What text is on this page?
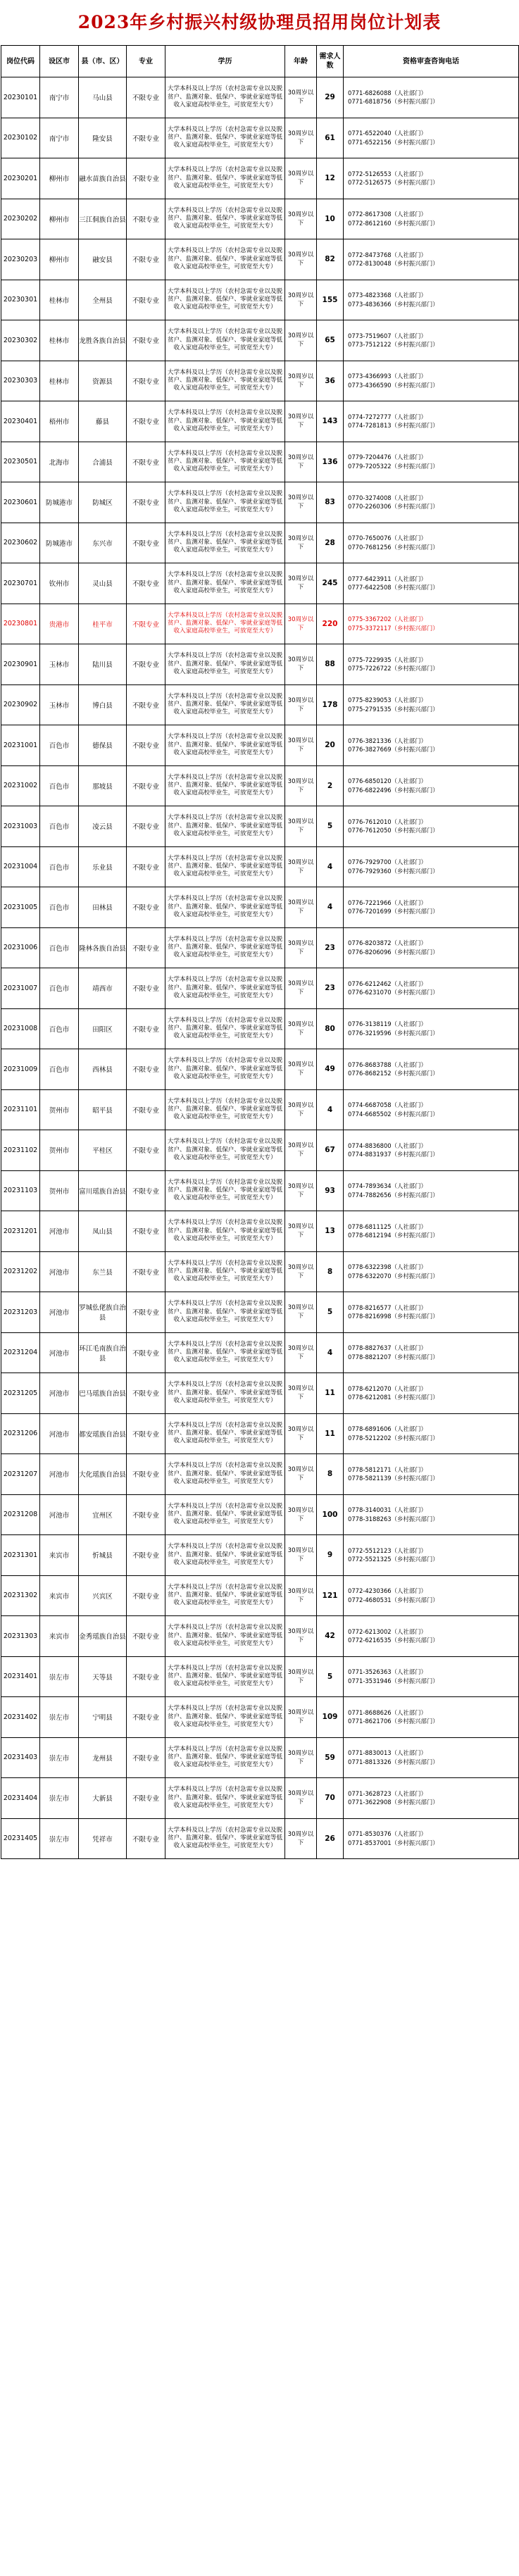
2023年乡村振兴村级协理员招用岗位计划表
岗位代码	设区市	县（市、区）	专业	学历	年龄	需求人数	资格审查咨询电话
20230101	南宁市	马山县	不限专业	大学本科及以上学历（农村急需专业以及脱贫户、监测对象、低保户、零就业家庭等低收入家庭高校毕业生，可放宽至大专）	30周岁以下	29	0771-6826088（人社部门）
0771-6818756（乡村振兴部门）

20230102	南宁市	隆安县	不限专业	大学本科及以上学历（农村急需专业以及脱贫户、监测对象、低保户、零就业家庭等低收入家庭高校毕业生，可放宽至大专）	30周岁以下	61	0771-6522040（人社部门）
0771-6522156（乡村振兴部门）

20230201	柳州市	融水苗族自治县	不限专业	大学本科及以上学历（农村急需专业以及脱贫户、监测对象、低保户、零就业家庭等低收入家庭高校毕业生，可放宽至大专）	30周岁以下	12	0772-5126553（人社部门）
0772-5126575（乡村振兴部门）

20230202	柳州市	三江侗族自治县	不限专业	大学本科及以上学历（农村急需专业以及脱贫户、监测对象、低保户、零就业家庭等低收入家庭高校毕业生，可放宽至大专）	30周岁以下	10	0772-8617308（人社部门）
0772-8612160（乡村振兴部门）

20230203	柳州市	融安县	不限专业	大学本科及以上学历（农村急需专业以及脱贫户、监测对象、低保户、零就业家庭等低收入家庭高校毕业生，可放宽至大专）	30周岁以下	82	0772-8473768（人社部门）
0772-8130048（乡村振兴部门）

20230301	桂林市	全州县	不限专业	大学本科及以上学历（农村急需专业以及脱贫户、监测对象、低保户、零就业家庭等低收入家庭高校毕业生，可放宽至大专）	30周岁以下	155	0773-4823368（人社部门）
0773-4836366（乡村振兴部门）

20230302	桂林市	龙胜各族自治县	不限专业	大学本科及以上学历（农村急需专业以及脱贫户、监测对象、低保户、零就业家庭等低收入家庭高校毕业生，可放宽至大专）	30周岁以下	65	0773-7519607（人社部门）
0773-7512122（乡村振兴部门）

20230303	桂林市	资源县	不限专业	大学本科及以上学历（农村急需专业以及脱贫户、监测对象、低保户、零就业家庭等低收入家庭高校毕业生，可放宽至大专）	30周岁以下	36	0773-4366993（人社部门）
0773-4366590（乡村振兴部门）

20230401	梧州市	藤县	不限专业	大学本科及以上学历（农村急需专业以及脱贫户、监测对象、低保户、零就业家庭等低收入家庭高校毕业生，可放宽至大专）	30周岁以下	143	0774-7272777（人社部门）
0774-7281813（乡村振兴部门）

20230501	北海市	合浦县	不限专业	大学本科及以上学历（农村急需专业以及脱贫户、监测对象、低保户、零就业家庭等低收入家庭高校毕业生，可放宽至大专）	30周岁以下	136	0779-7204476（人社部门）
0779-7205322（乡村振兴部门）

20230601	防城港市	防城区	不限专业	大学本科及以上学历（农村急需专业以及脱贫户、监测对象、低保户、零就业家庭等低收入家庭高校毕业生，可放宽至大专）	30周岁以下	83	0770-3274008（人社部门）
0770-2260306（乡村振兴部门）

20230602	防城港市	东兴市	不限专业	大学本科及以上学历（农村急需专业以及脱贫户、监测对象、低保户、零就业家庭等低收入家庭高校毕业生，可放宽至大专）	30周岁以下	28	0770-7650076（人社部门）
0770-7681256（乡村振兴部门）

20230701	钦州市	灵山县	不限专业	大学本科及以上学历（农村急需专业以及脱贫户、监测对象、低保户、零就业家庭等低收入家庭高校毕业生，可放宽至大专）	30周岁以下	245	0777-6423911（人社部门）
0777-6422508（乡村振兴部门）

20230801	贵港市	桂平市	不限专业	大学本科及以上学历（农村急需专业以及脱贫户、监测对象、低保户、零就业家庭等低收入家庭高校毕业生，可放宽至大专）	30周岁以下	220	0775-3367202（人社部门）
0775-3372117（乡村振兴部门）

20230901	玉林市	陆川县	不限专业	大学本科及以上学历（农村急需专业以及脱贫户、监测对象、低保户、零就业家庭等低收入家庭高校毕业生，可放宽至大专）	30周岁以下	88	0775-7229935（人社部门）
0775-7226722（乡村振兴部门）

20230902	玉林市	博白县	不限专业	大学本科及以上学历（农村急需专业以及脱贫户、监测对象、低保户、零就业家庭等低收入家庭高校毕业生，可放宽至大专）	30周岁以下	178	0775-8239053（人社部门）
0775-2791535（乡村振兴部门）

20231001	百色市	德保县	不限专业	大学本科及以上学历（农村急需专业以及脱贫户、监测对象、低保户、零就业家庭等低收入家庭高校毕业生，可放宽至大专）	30周岁以下	20	0776-3821336（人社部门）
0776-3827669（乡村振兴部门）

20231002	百色市	那坡县	不限专业	大学本科及以上学历（农村急需专业以及脱贫户、监测对象、低保户、零就业家庭等低收入家庭高校毕业生，可放宽至大专）	30周岁以下	2	0776-6850120（人社部门）
0776-6822496（乡村振兴部门）

20231003	百色市	凌云县	不限专业	大学本科及以上学历（农村急需专业以及脱贫户、监测对象、低保户、零就业家庭等低收入家庭高校毕业生，可放宽至大专）	30周岁以下	5	0776-7612010（人社部门）
0776-7612050（乡村振兴部门）

20231004	百色市	乐业县	不限专业	大学本科及以上学历（农村急需专业以及脱贫户、监测对象、低保户、零就业家庭等低收入家庭高校毕业生，可放宽至大专）	30周岁以下	4	0776-7929700（人社部门）
0776-7929360（乡村振兴部门）

20231005	百色市	田林县	不限专业	大学本科及以上学历（农村急需专业以及脱贫户、监测对象、低保户、零就业家庭等低收入家庭高校毕业生，可放宽至大专）	30周岁以下	4	0776-7221966（人社部门）
0776-7201699（乡村振兴部门）

20231006	百色市	隆林各族自治县	不限专业	大学本科及以上学历（农村急需专业以及脱贫户、监测对象、低保户、零就业家庭等低收入家庭高校毕业生，可放宽至大专）	30周岁以下	23	0776-8203872（人社部门）
0776-8206096（乡村振兴部门）

20231007	百色市	靖西市	不限专业	大学本科及以上学历（农村急需专业以及脱贫户、监测对象、低保户、零就业家庭等低收入家庭高校毕业生，可放宽至大专）	30周岁以下	23	0776-6212462（人社部门）
0776-6231070（乡村振兴部门）

20231008	百色市	田阳区	不限专业	大学本科及以上学历（农村急需专业以及脱贫户、监测对象、低保户、零就业家庭等低收入家庭高校毕业生，可放宽至大专）	30周岁以下	80	0776-3138119（人社部门）
0776-3219596（乡村振兴部门）

20231009	百色市	西林县	不限专业	大学本科及以上学历（农村急需专业以及脱贫户、监测对象、低保户、零就业家庭等低收入家庭高校毕业生，可放宽至大专）	30周岁以下	49	0776-8683788（人社部门）
0776-8682152（乡村振兴部门）

20231101	贺州市	昭平县	不限专业	大学本科及以上学历（农村急需专业以及脱贫户、监测对象、低保户、零就业家庭等低收入家庭高校毕业生，可放宽至大专）	30周岁以下	4	0774-6687058（人社部门）
0774-6685502（乡村振兴部门）

20231102	贺州市	平桂区	不限专业	大学本科及以上学历（农村急需专业以及脱贫户、监测对象、低保户、零就业家庭等低收入家庭高校毕业生，可放宽至大专）	30周岁以下	67	0774-8836800（人社部门）
0774-8831937（乡村振兴部门）

20231103	贺州市	富川瑶族自治县	不限专业	大学本科及以上学历（农村急需专业以及脱贫户、监测对象、低保户、零就业家庭等低收入家庭高校毕业生，可放宽至大专）	30周岁以下	93	0774-7893634（人社部门）
0774-7882656（乡村振兴部门）

20231201	河池市	凤山县	不限专业	大学本科及以上学历（农村急需专业以及脱贫户、监测对象、低保户、零就业家庭等低收入家庭高校毕业生，可放宽至大专）	30周岁以下	13	0778-6811125（人社部门）
0778-6812194（乡村振兴部门）

20231202	河池市	东兰县	不限专业	大学本科及以上学历（农村急需专业以及脱贫户、监测对象、低保户、零就业家庭等低收入家庭高校毕业生，可放宽至大专）	30周岁以下	8	0778-6322398（人社部门）
0778-6322070（乡村振兴部门）

20231203	河池市	罗城仫佬族自治县	不限专业	大学本科及以上学历（农村急需专业以及脱贫户、监测对象、低保户、零就业家庭等低收入家庭高校毕业生，可放宽至大专）	30周岁以下	5	0778-8216577（人社部门）
0778-8216998（乡村振兴部门）

20231204	河池市	环江毛南族自治县	不限专业	大学本科及以上学历（农村急需专业以及脱贫户、监测对象、低保户、零就业家庭等低收入家庭高校毕业生，可放宽至大专）	30周岁以下	4	0778-8827637（人社部门）
0778-8821207（乡村振兴部门）

20231205	河池市	巴马瑶族自治县	不限专业	大学本科及以上学历（农村急需专业以及脱贫户、监测对象、低保户、零就业家庭等低收入家庭高校毕业生，可放宽至大专）	30周岁以下	11	0778-6212070（人社部门）
0778-6212081（乡村振兴部门）

20231206	河池市	都安瑶族自治县	不限专业	大学本科及以上学历（农村急需专业以及脱贫户、监测对象、低保户、零就业家庭等低收入家庭高校毕业生，可放宽至大专）	30周岁以下	11	0778-6891606（人社部门）
0778-5212202（乡村振兴部门）

20231207	河池市	大化瑶族自治县	不限专业	大学本科及以上学历（农村急需专业以及脱贫户、监测对象、低保户、零就业家庭等低收入家庭高校毕业生，可放宽至大专）	30周岁以下	8	0778-5812171（人社部门）
0778-5821139（乡村振兴部门）

20231208	河池市	宜州区	不限专业	大学本科及以上学历（农村急需专业以及脱贫户、监测对象、低保户、零就业家庭等低收入家庭高校毕业生，可放宽至大专）	30周岁以下	100	0778-3140031（人社部门）
0778-3188263（乡村振兴部门）

20231301	来宾市	忻城县	不限专业	大学本科及以上学历（农村急需专业以及脱贫户、监测对象、低保户、零就业家庭等低收入家庭高校毕业生，可放宽至大专）	30周岁以下	9	0772-5512123（人社部门）
0772-5521325（乡村振兴部门）

20231302	来宾市	兴宾区	不限专业	大学本科及以上学历（农村急需专业以及脱贫户、监测对象、低保户、零就业家庭等低收入家庭高校毕业生，可放宽至大专）	30周岁以下	121	0772-4230366（人社部门）
0772-4680531（乡村振兴部门）

20231303	来宾市	金秀瑶族自治县	不限专业	大学本科及以上学历（农村急需专业以及脱贫户、监测对象、低保户、零就业家庭等低收入家庭高校毕业生，可放宽至大专）	30周岁以下	42	0772-6213002（人社部门）
0772-6216535（乡村振兴部门）

20231401	崇左市	天等县	不限专业	大学本科及以上学历（农村急需专业以及脱贫户、监测对象、低保户、零就业家庭等低收入家庭高校毕业生，可放宽至大专）	30周岁以下	5	0771-3526363（人社部门）
0771-3531946（乡村振兴部门）

20231402	崇左市	宁明县	不限专业	大学本科及以上学历（农村急需专业以及脱贫户、监测对象、低保户、零就业家庭等低收入家庭高校毕业生，可放宽至大专）	30周岁以下	109	0771-8688626（人社部门）
0771-8621706（乡村振兴部门）

20231403	崇左市	龙州县	不限专业	大学本科及以上学历（农村急需专业以及脱贫户、监测对象、低保户、零就业家庭等低收入家庭高校毕业生，可放宽至大专）	30周岁以下	59	0771-8830013（人社部门）
0771-8813326（乡村振兴部门）

20231404	崇左市	大新县	不限专业	大学本科及以上学历（农村急需专业以及脱贫户、监测对象、低保户、零就业家庭等低收入家庭高校毕业生，可放宽至大专）	30周岁以下	70	0771-3628723（人社部门）
0771-3622908（乡村振兴部门）

20231405	崇左市	凭祥市	不限专业	大学本科及以上学历（农村急需专业以及脱贫户、监测对象、低保户、零就业家庭等低收入家庭高校毕业生，可放宽至大专）	30周岁以下	26	0771-8530376（人社部门）
0771-8537001（乡村振兴部门）
